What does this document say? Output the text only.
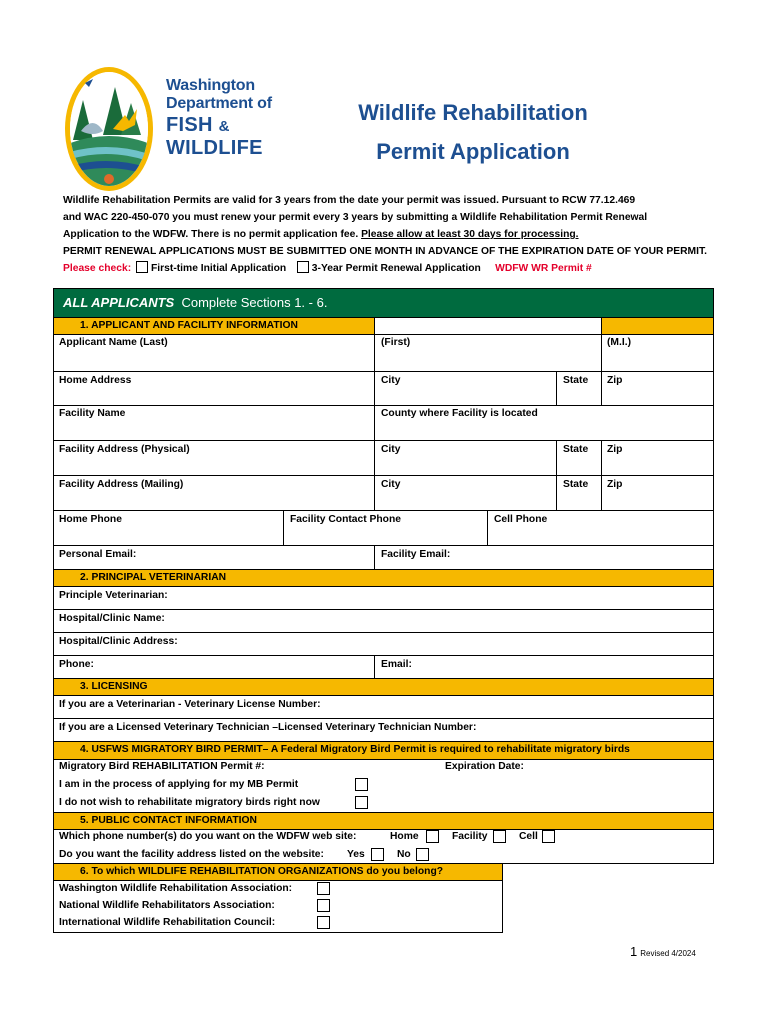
Washington
Department of
FISH &
WILDLIFE
Wildlife Rehabilitation
Permit Application
Wildlife Rehabilitation Permits are valid for 3 years from the date your permit was issued. Pursuant to RCW 77.12.469
and WAC 220-450-070 you must renew your permit every 3 years by submitting a Wildlife Rehabilitation Permit Renewal
Application to the WDFW. There is no permit application fee. Please allow at least 30 days for processing.
PERMIT RENEWAL APPLICATIONS MUST BE SUBMITTED ONE MONTH IN ADVANCE OF THE EXPIRATION DATE OF YOUR PERMIT.
Please check: First-time Initial Application 3-Year Permit Renewal Application WDFW WR Permit #
ALL APPLICANTS Complete Sections 1. - 6.
1. APPLICANT AND FACILITY INFORMATION
Applicant Name (Last)	(First)	(M.I.)
Home Address	City	State Zip
Facility Name	County where Facility is located
Facility Address (Physical)	City	State Zip
Facility Address (Mailing)	City	State Zip
Home Phone	Facility Contact Phone	Cell Phone
Personal Email:	Facility Email:
2. PRINCIPAL VETERINARIAN
Principle Veterinarian:
Hospital/Clinic Name:
Hospital/Clinic Address:
Phone:	Email:
3. LICENSING
If you are a Veterinarian - Veterinary License Number:
If you are a Licensed Veterinary Technician –Licensed Veterinary Technician Number:
4. USFWS MIGRATORY BIRD PERMIT– A Federal Migratory Bird Permit is required to rehabilitate migratory birds
Migratory Bird REHABILITATION Permit #:	Expiration Date:
I am in the process of applying for my MB Permit
I do not wish to rehabilitate migratory birds right now
5. PUBLIC CONTACT INFORMATION
Which phone number(s) do you want on the WDFW web site:	Home	Facility	Cell
Do you want the facility address listed on the website: Yes	No
6. To which WILDLIFE REHABILITATION ORGANIZATIONS do you belong?
Washington Wildlife Rehabilitation Association:
National Wildlife Rehabilitators Association:
International Wildlife Rehabilitation Council:
1 Revised 4/2024
